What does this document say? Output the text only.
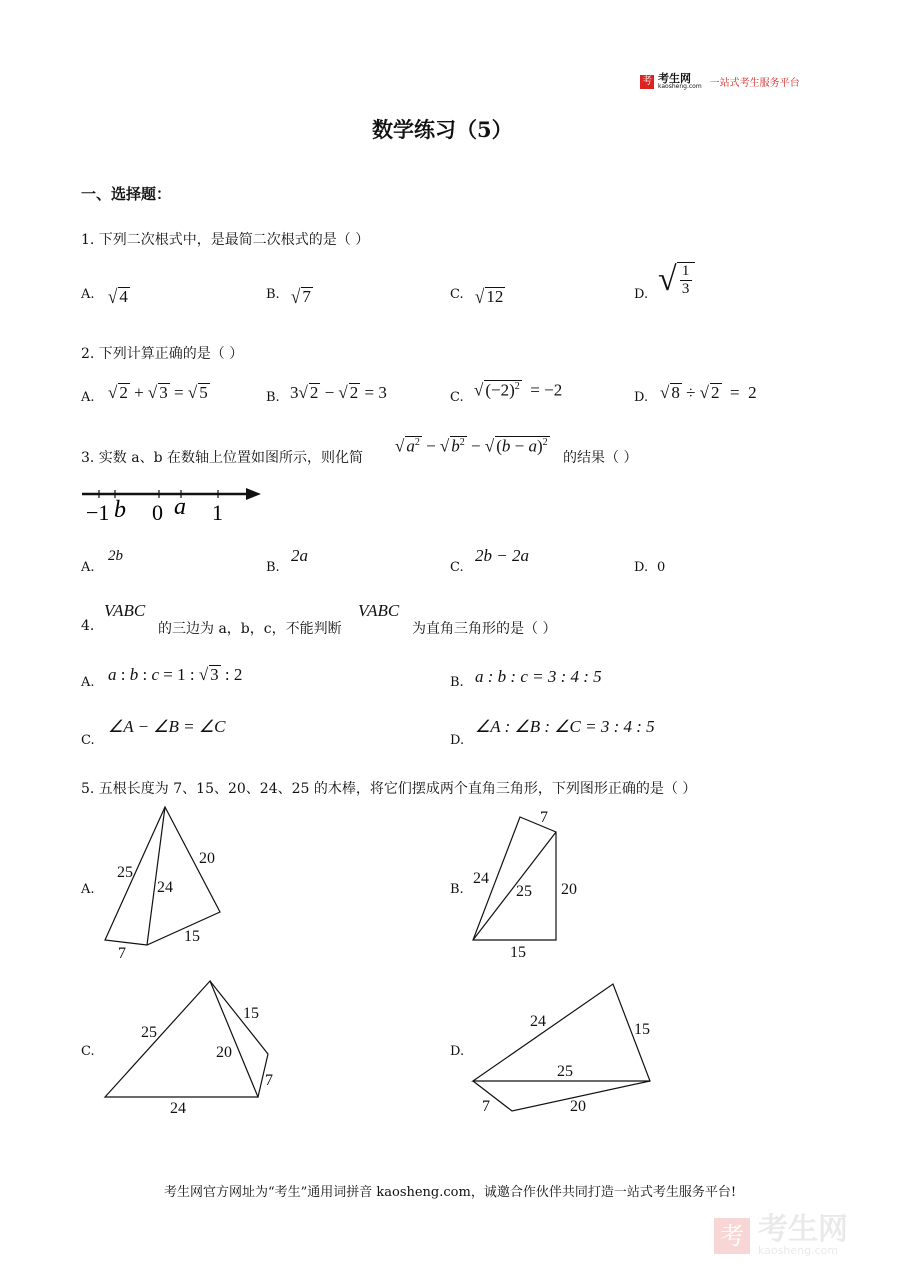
考 考生网
kaosheng.com 一站式考生服务平台
数学练习（5）
一、选择题：
1. 下列二次根式中，是最简二次根式的是（ ）
A. √ 4	B. √ 7	C. √ 12	D. √ 1
3
2. 下列计算正确的是（ ）
A. √ 2 + √ 3 = √ 5	B. 3√ 2 − √ 2 = 3	C. √ $(-2)^2 = -2$	D. √ 8 ÷ √ 2  =  2
3. 实数 a、b 在数轴上位置如图所示，则化简
√ $a^2$ − √ $b^2$ − √ $(b - a)^2$
的结果（ ）
−1 b 0 a 1
A.
2b
B.
2a
C.
2b − 2a
D. 0
4.
VABC
的三边为 a，b，c，不能判断
VABC
为直角三角形的是（ ）
A. a : b : c = 1 : √ 3 : 2	B. a : b : c = 3 : 4 : 5
C.
∠A − ∠B = ∠C
D.
∠A : ∠B : ∠C = 3 : 4 : 5
5. 五根长度为 7、15、20、24、25 的木棒，将它们摆成两个直角三角形，下列图形正确的是（ ）
A.
25
24
20
7
15
B.
7
24
25 20
15
C.
25
15
20
7
24
D.
24	15
25
7	20
考生网官方网址为“考生”通用词拼音 kaosheng.com，诚邀合作伙伴共同打造一站式考生服务平台!
考 考生网
kaosheng.com
